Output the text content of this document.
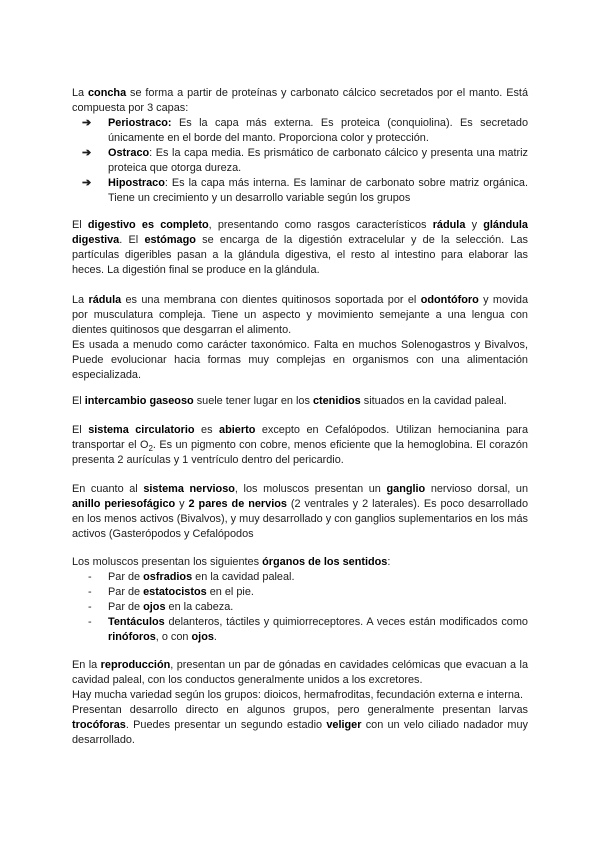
La concha se forma a partir de proteínas y carbonato cálcico secretados por el manto. Está compuesta por 3 capas:

➔ Periostraco: Es la capa más externa. Es proteica (conquiolina). Es secretado únicamente en el borde del manto. Proporciona color y protección.
➔ Ostraco: Es la capa media. Es prismático de carbonato cálcico y presenta una matriz proteica que otorga dureza.
➔ Hipostraco: Es la capa más interna. Es laminar de carbonato sobre matriz orgánica. Tiene un crecimiento y un desarrollo variable según los grupos

El digestivo es completo, presentando como rasgos característicos rádula y glándula digestiva. El estómago se encarga de la digestión extracelular y de la selección. Las partículas digeribles pasan a la glándula digestiva, el resto al intestino para elaborar las heces. La digestión final se produce en la glándula.

La rádula es una membrana con dientes quitinosos soportada por el odontóforo y movida por musculatura compleja. Tiene un aspecto y movimiento semejante a una lengua con dientes quitinosos que desgarran el alimento.

Es usada a menudo como carácter taxonómico. Falta en muchos Solenogastros y Bivalvos, Puede evolucionar hacia formas muy complejas en organismos con una alimentación especializada.

El intercambio gaseoso suele tener lugar en los ctenidios situados en la cavidad paleal.

El sistema circulatorio es abierto excepto en Cefalópodos. Utilizan hemocianina para transportar el $O_2$. Es un pigmento con cobre, menos eficiente que la hemoglobina. El corazón presenta 2 aurículas y 1 ventrículo dentro del pericardio.

En cuanto al sistema nervioso, los moluscos presentan un ganglio nervioso dorsal, un anillo periesofágico y 2 pares de nervios (2 ventrales y 2 laterales). Es poco desarrollado en los menos activos (Bivalvos), y muy desarrollado y con ganglios suplementarios en los más activos (Gasterópodos y Cefalópodos

Los moluscos presentan los siguientes órganos de los sentidos:

- Par de osfradios en la cavidad paleal.
- Par de estatocistos en el pie.
- Par de ojos en la cabeza.
- Tentáculos delanteros, táctiles y quimiorreceptores. A veces están modificados como rinóforos, o con ojos.

En la reproducción, presentan un par de gónadas en cavidades celómicas que evacuan a la cavidad paleal, con los conductos generalmente unidos a los excretores.

Hay mucha variedad según los grupos: dioicos, hermafroditas, fecundación externa e interna.

Presentan desarrollo directo en algunos grupos, pero generalmente presentan larvas trocóforas. Puedes presentar un segundo estadio veliger con un velo ciliado nadador muy desarrollado.
